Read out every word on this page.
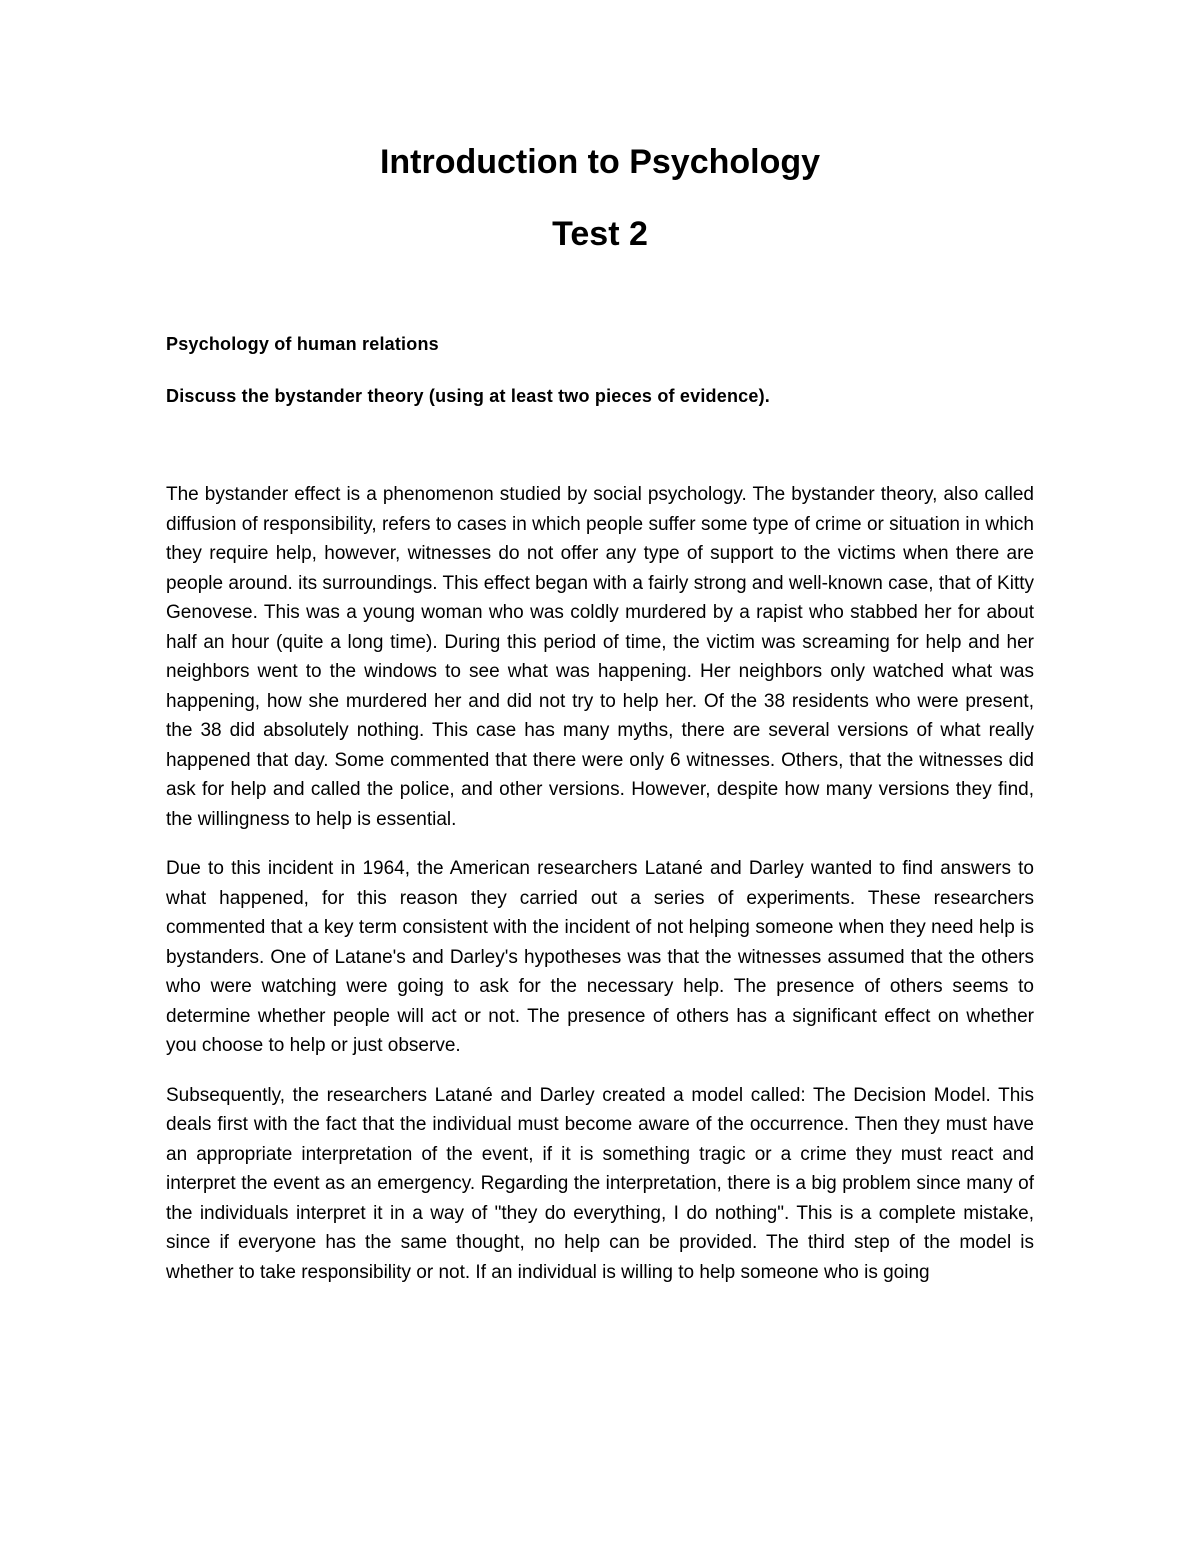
Introduction to Psychology
Test 2

Psychology of human relations

Discuss the bystander theory (using at least two pieces of evidence).

The bystander effect is a phenomenon studied by social psychology. The bystander theory, also called diffusion of responsibility, refers to cases in which people suffer some type of crime or situation in which they require help, however, witnesses do not offer any type of support to the victims when there are people around. its surroundings. This effect began with a fairly strong and well-known case, that of Kitty Genovese. This was a young woman who was coldly murdered by a rapist who stabbed her for about half an hour (quite a long time). During this period of time, the victim was screaming for help and her neighbors went to the windows to see what was happening. Her neighbors only watched what was happening, how she murdered her and did not try to help her. Of the 38 residents who were present, the 38 did absolutely nothing. This case has many myths, there are several versions of what really happened that day. Some commented that there were only 6 witnesses. Others, that the witnesses did ask for help and called the police, and other versions. However, despite how many versions they find, the willingness to help is essential.

Due to this incident in 1964, the American researchers Latané and Darley wanted to find answers to what happened, for this reason they carried out a series of experiments. These researchers commented that a key term consistent with the incident of not helping someone when they need help is bystanders. One of Latane's and Darley's hypotheses was that the witnesses assumed that the others who were watching were going to ask for the necessary help. The presence of others seems to determine whether people will act or not. The presence of others has a significant effect on whether you choose to help or just observe.

Subsequently, the researchers Latané and Darley created a model called: The Decision Model. This deals first with the fact that the individual must become aware of the occurrence. Then they must have an appropriate interpretation of the event, if it is something tragic or a crime they must react and interpret the event as an emergency. Regarding the interpretation, there is a big problem since many of the individuals interpret it in a way of "they do everything, I do nothing". This is a complete mistake, since if everyone has the same thought, no help can be provided. The third step of the model is whether to take responsibility or not. If an individual is willing to help someone who is going
